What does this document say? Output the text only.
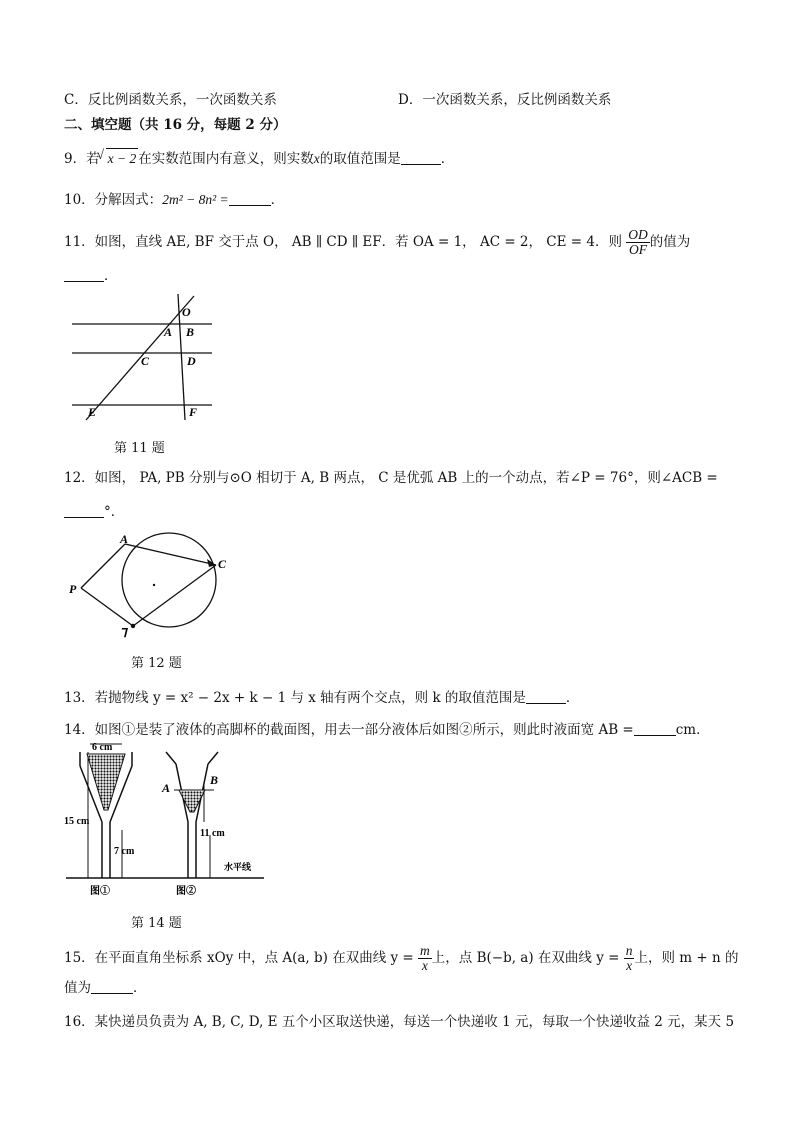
C．反比例函数关系，一次函数关系	D．一次函数关系，反比例函数关系
二、填空题（共 16 分，每题 2 分）
9．若√ x − 2 在实数范围内有意义，则实数x的取值范围是	．
10．分解因式：2m² − 8n² =	．
11．如图，直线 AE, BF 交于点 O， AB ∥ CD ∥ EF．若 OA = 1， AC = 2， CE = 4．则 $\frac{OD}{OF}$ 的值为
．
O
A B
C	D
E	F
第 11 题
12．如图， PA, PB 分别与⊙O 相切于 A, B 两点， C 是优弧 AB 上的一个动点，若∠P = 76°，则∠ACB =
°．
A
C
P
ꓶ
第 12 题
13．若抛物线 y = x² − 2x + k − 1 与 x 轴有两个交点，则 k 的取值范围是	．
14．如图①是装了液体的高脚杯的截面图，用去一部分液体后如图②所示，则此时液面宽 AB =	cm．
6 cm
15 cm
7 cm
11 cm
水平线
图①	图②
A
B
第 14 题
15．在平面直角坐标系 xOy 中，点 A(a, b) 在双曲线 $y = \frac{m}{x}$ 上，点 B(−b, a) 在双曲线 $y = \frac{n}{x}$ 上，则 m + n 的
值为	．
16．某快递员负责为 A, B, C, D, E 五个小区取送快递，每送一个快递收 1 元，每取一个快递收益 2 元，某天 5
